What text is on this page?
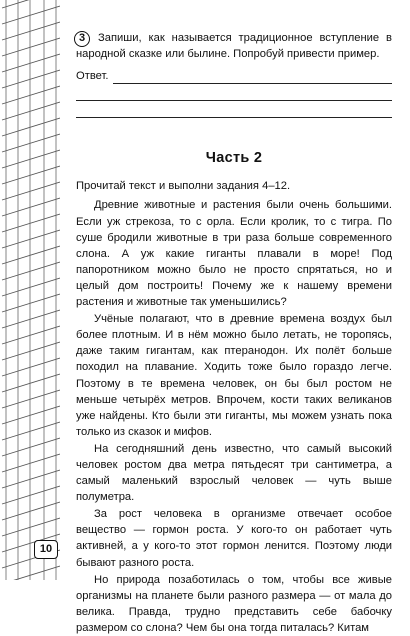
3	Запиши, как называется традиционное вступление в народной сказке или былине. Попробуй привести пример.

Ответ.
Часть 2
Прочитай текст и выполни задания 4–12.

Древние животные и растения были очень большими. Если уж стрекоза, то с орла. Если кролик, то с тигра. По суше бродили животные в три раза больше современного слона. А уж какие гиганты плавали в море! Под папоротником можно было не просто спрятаться, но и целый дом построить! Почему же к нашему времени растения и животные так уменьшились?

Учёные полагают, что в древние времена воздух был более плотным. И в нём можно было летать, не торопясь, даже таким гигантам, как птеранодон. Их полёт больше походил на плавание. Ходить тоже было гораздо легче. Поэтому в те времена человек, он бы был ростом не меньше четырёх метров. Впрочем, кости таких великанов уже найдены. Кто были эти гиганты, мы можем узнать пока только из сказок и мифов.

На сегодняшний день известно, что самый высокий человек ростом два метра пятьдесят три сантиметра, а самый маленький взрослый человек — чуть выше полуметра.

За рост человека в организме отвечает особое вещество — гормон роста. У кого-то он работает чуть активней, а у кого-то этот гормон ленится. Поэтому люди бывают разного роста.

Но природа позаботилась о том, чтобы все живые организмы на планете были разного размера — от мала до велика. Правда, трудно представить себе бабочку размером со слона? Чем бы она тогда питалась? Китам

10
